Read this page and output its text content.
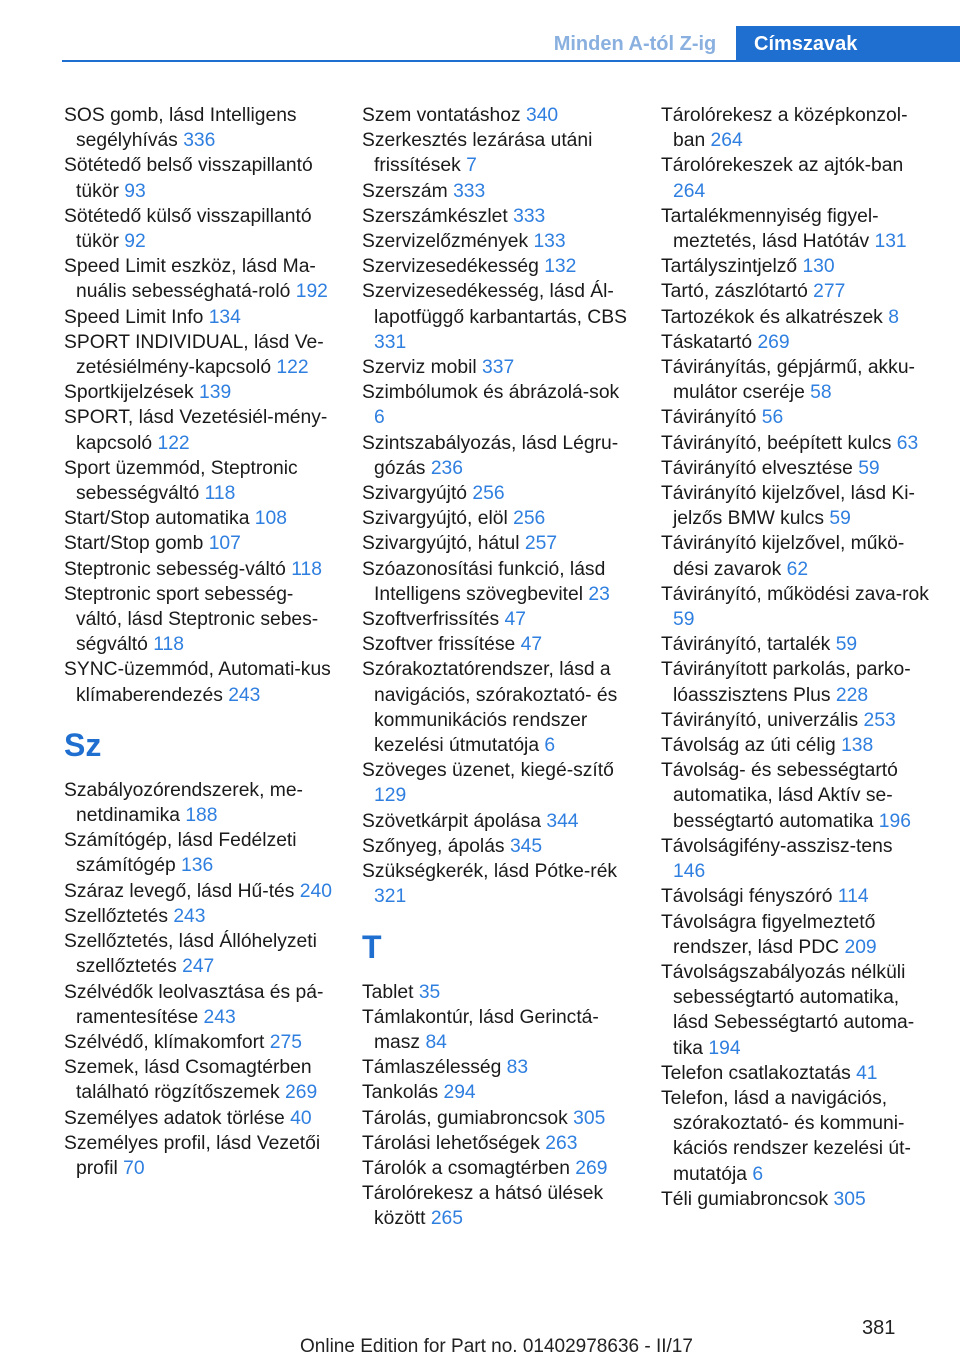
Minden A-tól Z-ig	Címszavak
SOS gomb, lásd Intelligens segélyhívás 336
Sötétedő belső visszapillantó tükör 93
Sötétedő külső visszapillantó tükör 92
Speed Limit eszköz, lásd Ma-nuális sebességhatá-roló 192
Speed Limit Info 134
SPORT INDIVIDUAL, lásd Ve-zetésiélmény-kapcsoló 122
Sportkijelzések 139
SPORT, lásd Vezetésiél-mény-kapcsoló 122
Sport üzemmód, Steptronic sebességváltó 118
Start/Stop automatika 108
Start/Stop gomb 107
Steptronic sebesség-váltó 118
Steptronic sport sebesség-váltó, lásd Steptronic sebes-ségváltó 118
SYNC-üzemmód, Automati-kus klímaberendezés 243
Sz
Szabályozórendszerek, me-netdinamika 188
Számítógép, lásd Fedélzeti számítógép 136
Száraz levegő, lásd Hű-tés 240
Szellőztetés 243
Szellőztetés, lásd Állóhelyzeti szellőztetés 247
Szélvédők leolvasztása és pá-ramentesítése 243
Szélvédő, klímakomfort 275
Szemek, lásd Csomagtérben található rögzítőszemek 269
Személyes adatok törlése 40
Személyes profil, lásd Vezetői profil 70
Szem vontatáshoz 340
Szerkesztés lezárása utáni frissítések 7
Szerszám 333
Szerszámkészlet 333
Szervizelőzmények 133
Szervizesedékesség 132
Szervizesedékesség, lásd Ál-lapotfüggő karbantartás, CBS 331
Szerviz mobil 337
Szimbólumok és ábrázolá-sok 6
Szintszabályozás, lásd Légru-gózás 236
Szivargyújtó 256
Szivargyújtó, elöl 256
Szivargyújtó, hátul 257
Szóazonosítási funkció, lásd Intelligens szövegbevitel 23
Szoftverfrissítés 47
Szoftver frissítése 47
Szórakoztatórendszer, lásd a navigációs, szórakoztató- és kommunikációs rendszer kezelési útmutatója 6
Szöveges üzenet, kiegé-szítő 129
Szövetkárpit ápolása 344
Szőnyeg, ápolás 345
Szükségkerék, lásd Pótke-rék 321
T
Tablet 35
Támlakontúr, lásd Gerinctá-masz 84
Támlaszélesség 83
Tankolás 294
Tárolás, gumiabroncsok 305
Tárolási lehetőségek 263
Tárolók a csomagtérben 269
Tárolórekesz a hátsó ülések között 265
Tárolórekesz a középkonzol-ban 264
Tárolórekeszek az ajtók-ban 264
Tartalékmennyiség figyel-meztetés, lásd Hatótáv 131
Tartályszintjelző 130
Tartó, zászlótartó 277
Tartozékok és alkatrészek 8
Táskatartó 269
Távirányítás, gépjármű, akku-mulátor cseréje 58
Távirányító 56
Távirányító, beépített kulcs 63
Távirányító elvesztése 59
Távirányító kijelzővel, lásd Ki-jelzős BMW kulcs 59
Távirányító kijelzővel, műkö-dési zavarok 62
Távirányító, működési zava-rok 59
Távirányító, tartalék 59
Távirányított parkolás, parko-lóasszisztens Plus 228
Távirányító, univerzális 253
Távolság az úti célig 138
Távolság- és sebességtartó automatika, lásd Aktív se-bességtartó automatika 196
Távolságifény-asszisz-tens 146
Távolsági fényszóró 114
Távolságra figyelmeztető rendszer, lásd PDC 209
Távolságszabályozás nélküli sebességtartó automatika, lásd Sebességtartó automa-tika 194
Telefon csatlakoztatás 41
Telefon, lásd a navigációs, szórakoztató- és kommuni-kációs rendszer kezelési út-mutatója 6
Téli gumiabroncsok 305
381
Online Edition for Part no. 01402978636 - II/17
